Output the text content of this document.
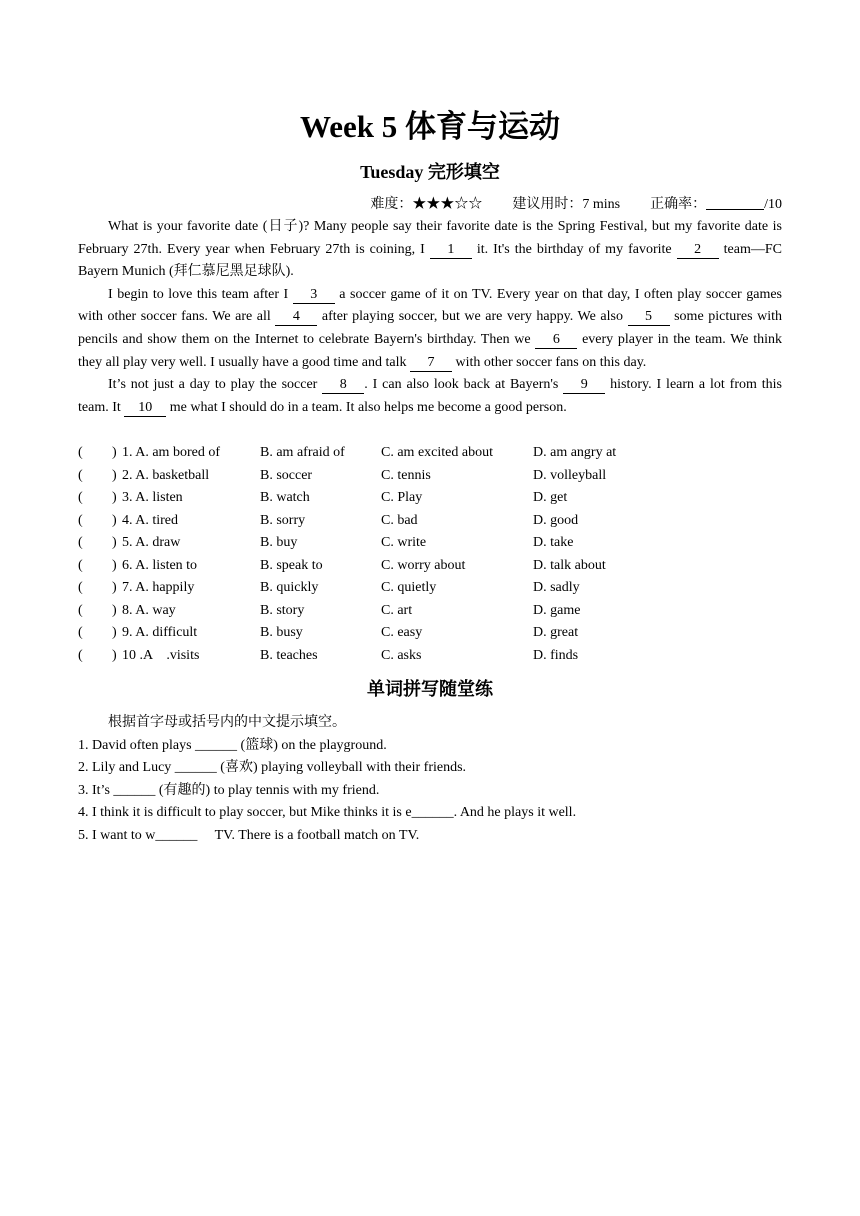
Week 5 体育与运动
Tuesday 完形填空
难度：★★★☆☆ 建议用时：7 mins 正确率：	/10

What is your favorite date (日子)? Many people say their favorite date is the Spring Festival, but my favorite date is February 27th. Every year when February 27th is coining, I 1 it. It's the birthday of my favorite 2 team—FC Bayern Munich (拜仁慕尼黑足球队).

I begin to love this team after I 3 a soccer game of it on TV. Every year on that day, I often play soccer games with other soccer fans. We are all 4 after playing soccer, but we are very happy. We also 5 some pictures with pencils and show them on the Internet to celebrate Bayern's birthday. Then we 6 every player in the team. We think they all play very well. I usually have a good time and talk 7 with other soccer fans on this day.

It’s not just a day to play the soccer 8 . I can also look back at Bayern's 9 history. I learn a lot from this team. It 10 me what I should do in a team. It also helps me become a good person.

( ) 1. A. am bored of	B. am afraid of	C. am excited about	D. am angry at
( ) 2. A. basketball	B. soccer	C. tennis	D. volleyball
( ) 3. A. listen	B. watch	C. Play	D. get
( ) 4. A. tired	B. sorry	C. bad	D. good
( ) 5. A. draw	B. buy	C. write	D. take
( ) 6. A. listen to	B. speak to	C. worry about	D. talk about
( ) 7. A. happily	B. quickly	C. quietly	D. sadly
( ) 8. A. way	B. story	C. art	D. game
( ) 9. A. difficult	B. busy	C. easy	D. great
( ) 10 .A    .visits	B. teaches	C. asks	D. finds
单词拼写随堂练
根据首字母或括号内的中文提示填空。
1. David often plays ______ (篮球) on the playground.
2. Lily and Lucy ______ (喜欢) playing volleyball with their friends.
3. It’s ______ (有趣的) to play tennis with my friend.
4. I think it is difficult to play soccer, but Mike thinks it is e______. And he plays it well.
5. I want to w______     TV. There is a football match on TV.
